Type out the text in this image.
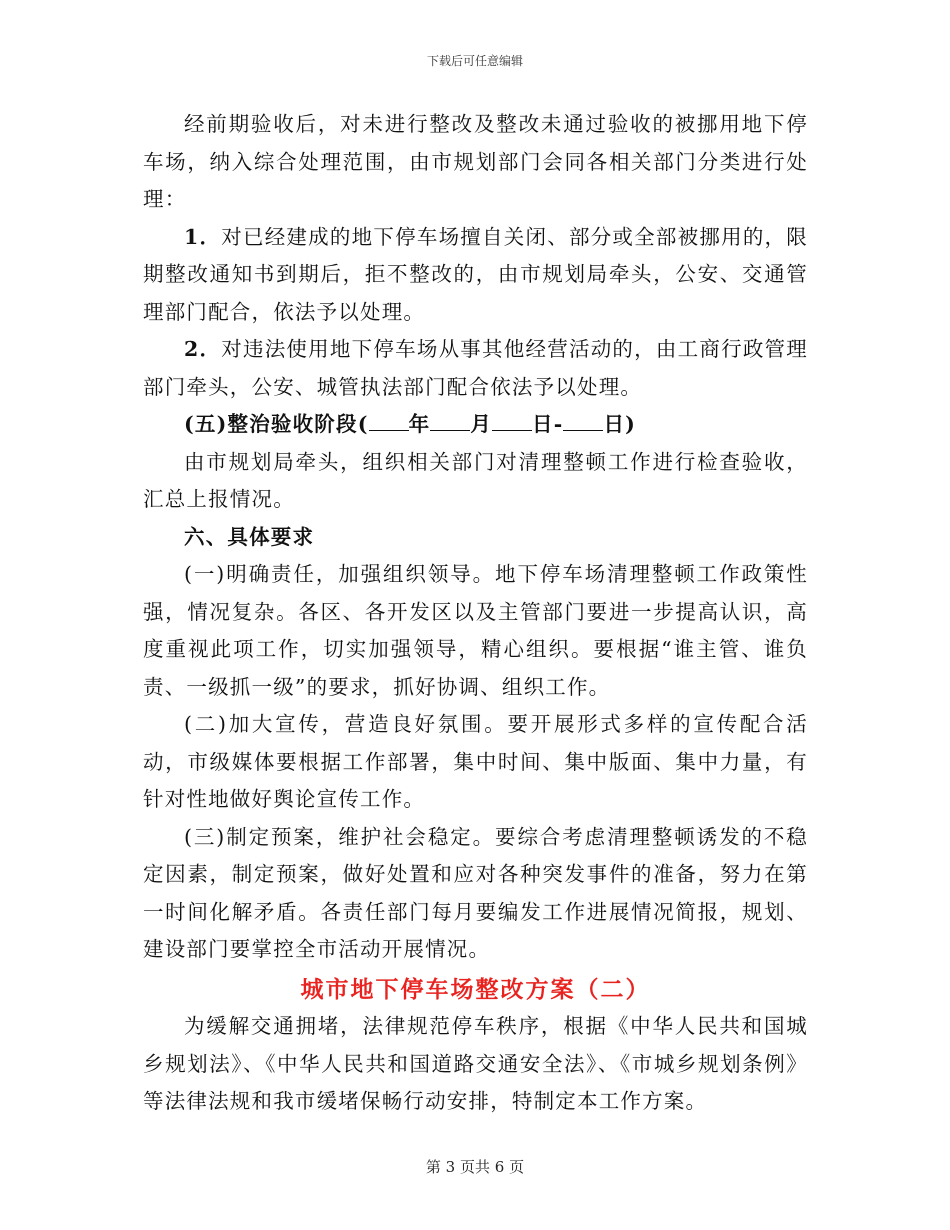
下载后可任意编辑

经前期验收后，对未进行整改及整改未通过验收的被挪用地下停车场，纳入综合处理范围，由市规划部门会同各相关部门分类进行处理：

1．对已经建成的地下停车场擅自关闭、部分或全部被挪用的，限期整改通知书到期后，拒不整改的，由市规划局牵头，公安、交通管理部门配合，依法予以处理。

2．对违法使用地下停车场从事其他经营活动的，由工商行政管理部门牵头，公安、城管执法部门配合依法予以处理。

(五)整治验收阶段( 年 月 日- 日)

由市规划局牵头，组织相关部门对清理整顿工作进行检查验收，汇总上报情况。

六、具体要求

(一)明确责任，加强组织领导。地下停车场清理整顿工作政策性强，情况复杂。各区、各开发区以及主管部门要进一步提高认识，高度重视此项工作，切实加强领导，精心组织。要根据“谁主管、谁负责、一级抓一级”的要求，抓好协调、组织工作。

(二)加大宣传，营造良好氛围。要开展形式多样的宣传配合活动，市级媒体要根据工作部署，集中时间、集中版面、集中力量，有针对性地做好舆论宣传工作。

(三)制定预案，维护社会稳定。要综合考虑清理整顿诱发的不稳定因素，制定预案，做好处置和应对各种突发事件的准备，努力在第一时间化解矛盾。各责任部门每月要编发工作进展情况简报，规划、建设部门要掌控全市活动开展情况。

城市地下停车场整改方案（二）

为缓解交通拥堵，法律规范停车秩序，根据《中华人民共和国城乡规划法》、《中华人民共和国道路交通安全法》、《市城乡规划条例》等法律法规和我市缓堵保畅行动安排，特制定本工作方案。

第 3 页共 6 页
